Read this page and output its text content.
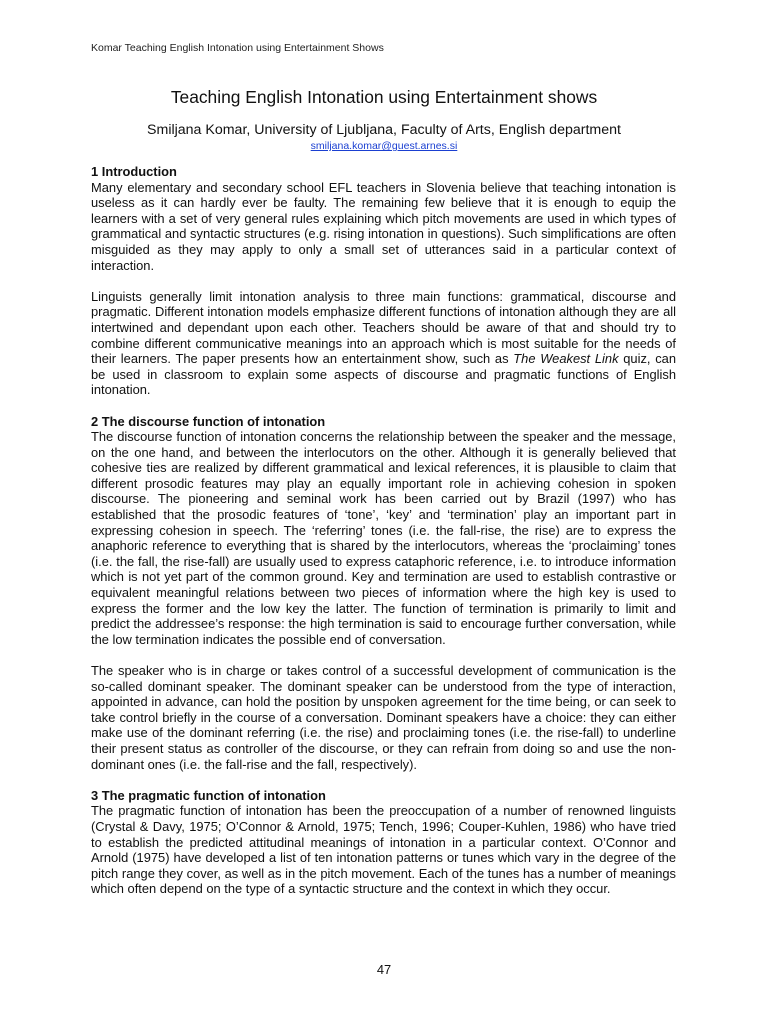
Komar Teaching English Intonation using Entertainment Shows
Teaching English Intonation using Entertainment shows
Smiljana Komar, University of Ljubljana, Faculty of Arts, English department
smiljana.komar@guest.arnes.si
1 Introduction

Many elementary and secondary school EFL teachers in Slovenia believe that teaching intonation is useless as it can hardly ever be faulty. The remaining few believe that it is enough to equip the learners with a set of very general rules explaining which pitch movements are used in which types of grammatical and syntactic structures (e.g. rising intonation in questions). Such simplifications are often misguided as they may apply to only a small set of utterances said in a particular context of interaction.

Linguists generally limit intonation analysis to three main functions: grammatical, discourse and pragmatic. Different intonation models emphasize different functions of intonation although they are all intertwined and dependant upon each other. Teachers should be aware of that and should try to combine different communicative meanings into an approach which is most suitable for the needs of their learners. The paper presents how an entertainment show, such as The Weakest Link quiz, can be used in classroom to explain some aspects of discourse and pragmatic functions of English intonation.

2 The discourse function of intonation

The discourse function of intonation concerns the relationship between the speaker and the message, on the one hand, and between the interlocutors on the other. Although it is generally believed that cohesive ties are realized by different grammatical and lexical references, it is plausible to claim that different prosodic features may play an equally important role in achieving cohesion in spoken discourse. The pioneering and seminal work has been carried out by Brazil (1997) who has established that the prosodic features of ‘tone’, ‘key’ and ‘termination’ play an important part in expressing cohesion in speech. The ‘referring’ tones (i.e. the fall-rise, the rise) are to express the anaphoric reference to everything that is shared by the interlocutors, whereas the ‘proclaiming’ tones (i.e. the fall, the rise-fall) are usually used to express cataphoric reference, i.e. to introduce information which is not yet part of the common ground. Key and termination are used to establish contrastive or equivalent meaningful relations between two pieces of information where the high key is used to express the former and the low key the latter. The function of termination is primarily to limit and predict the addressee’s response: the high termination is said to encourage further conversation, while the low termination indicates the possible end of conversation.

The speaker who is in charge or takes control of a successful development of communication is the so-called dominant speaker. The dominant speaker can be understood from the type of interaction, appointed in advance, can hold the position by unspoken agreement for the time being, or can seek to take control briefly in the course of a conversation. Dominant speakers have a choice: they can either make use of the dominant referring (i.e. the rise) and proclaiming tones (i.e. the rise-fall) to underline their present status as controller of the discourse, or they can refrain from doing so and use the non-dominant ones (i.e. the fall-rise and the fall, respectively).

3 The pragmatic function of intonation

The pragmatic function of intonation has been the preoccupation of a number of renowned linguists (Crystal & Davy, 1975; O’Connor & Arnold, 1975; Tench, 1996; Couper-Kuhlen, 1986) who have tried to establish the predicted attitudinal meanings of intonation in a particular context. O’Connor and Arnold (1975) have developed a list of ten intonation patterns or tunes which vary in the degree of the pitch range they cover, as well as in the pitch movement. Each of the tunes has a number of meanings which often depend on the type of a syntactic structure and the context in which they occur.

47
